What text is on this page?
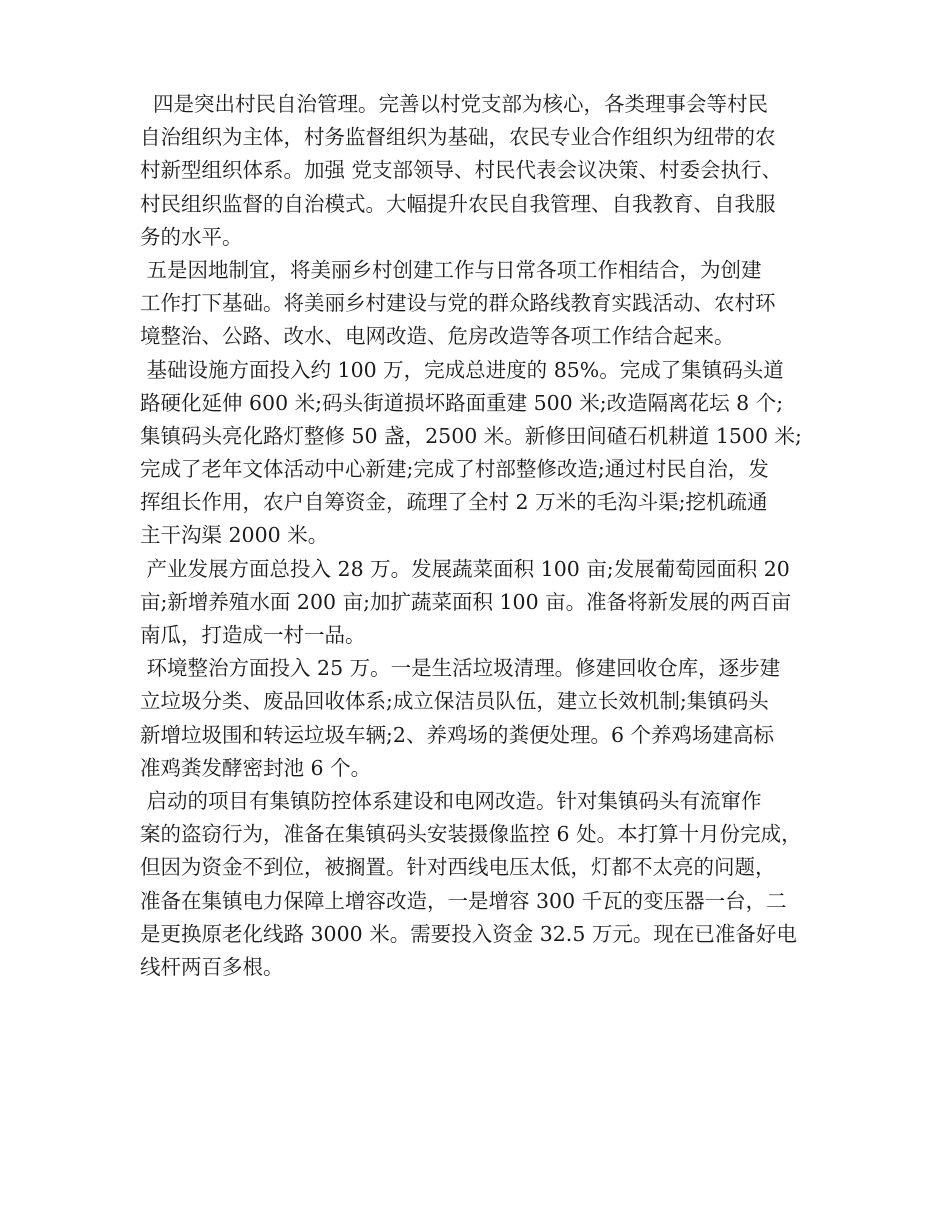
四是突出村民自治管理。完善以村党支部为核心，各类理事会等村民
自治组织为主体，村务监督组织为基础，农民专业合作组织为纽带的农
村新型组织体系。加强 党支部领导、村民代表会议决策、村委会执行、
村民组织监督的自治模式。大幅提升农民自我管理、自我教育、自我服
务的水平。

五是因地制宜，将美丽乡村创建工作与日常各项工作相结合，为创建
工作打下基础。将美丽乡村建设与党的群众路线教育实践活动、农村环
境整治、公路、改水、电网改造、危房改造等各项工作结合起来。

基础设施方面投入约 100 万，完成总进度的 85%。完成了集镇码头道
路硬化延伸 600 米;码头街道损坏路面重建 500 米;改造隔离花坛 8 个;
集镇码头亮化路灯整修 50 盏，2500 米。新修田间碴石机耕道 1500 米;
完成了老年文体活动中心新建;完成了村部整修改造;通过村民自治，发
挥组长作用，农户自筹资金，疏理了全村 2 万米的毛沟斗渠;挖机疏通
主干沟渠 2000 米。

产业发展方面总投入 28 万。发展蔬菜面积 100 亩;发展葡萄园面积 20
亩;新增养殖水面 200 亩;加扩蔬菜面积 100 亩。准备将新发展的两百亩
南瓜，打造成一村一品。

环境整治方面投入 25 万。一是生活垃圾清理。修建回收仓库，逐步建
立垃圾分类、废品回收体系;成立保洁员队伍，建立长效机制;集镇码头
新增垃圾围和转运垃圾车辆;2、养鸡场的粪便处理。6 个养鸡场建高标
准鸡粪发酵密封池 6 个。

启动的项目有集镇防控体系建设和电网改造。针对集镇码头有流窜作
案的盗窃行为，准备在集镇码头安装摄像监控 6 处。本打算十月份完成，
但因为资金不到位，被搁置。针对西线电压太低，灯都不太亮的问题，
准备在集镇电力保障上增容改造，一是增容 300 千瓦的变压器一台，二
是更换原老化线路 3000 米。需要投入资金 32.5 万元。现在已准备好电
线杆两百多根。
